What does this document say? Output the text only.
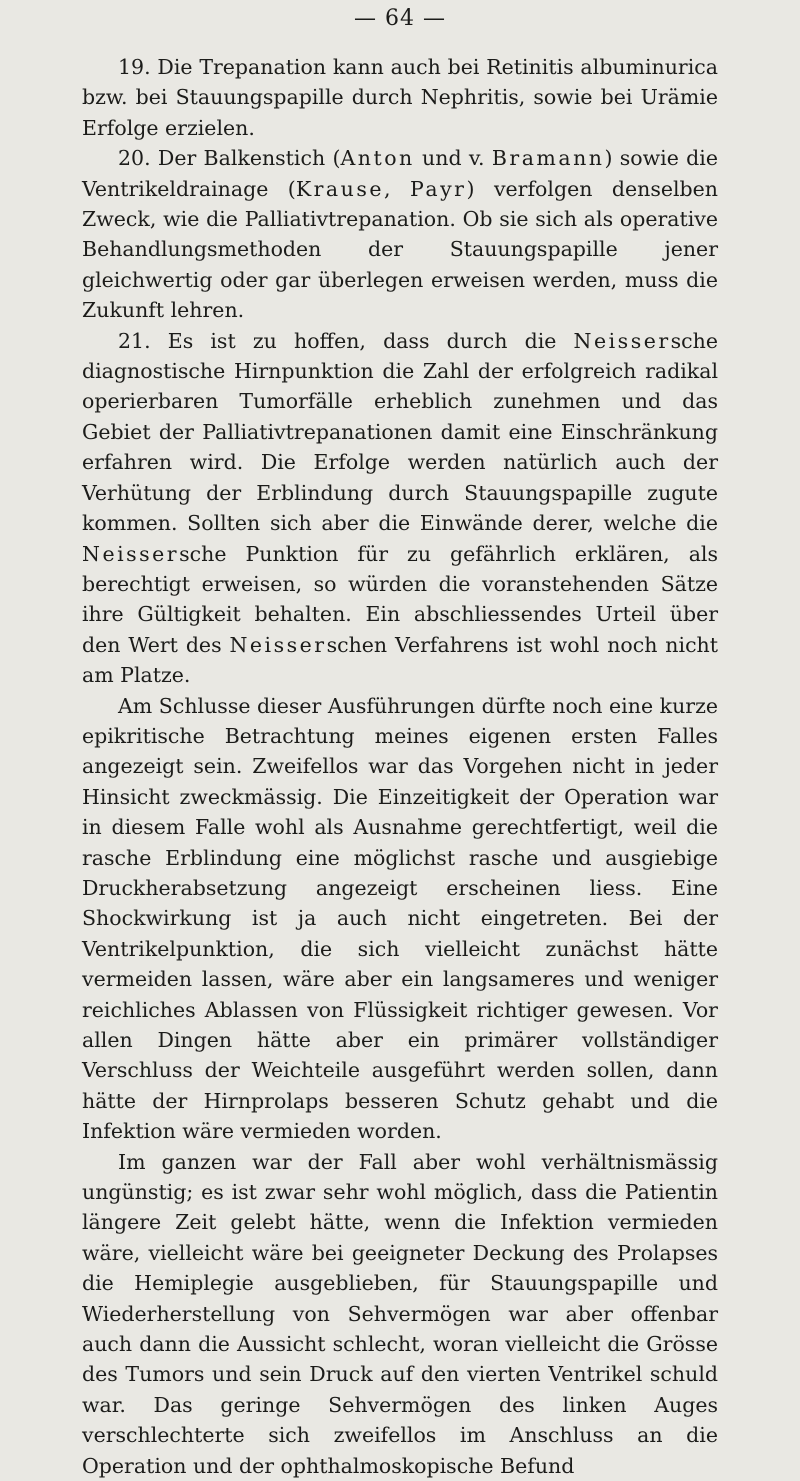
— 64 —

19. Die Trepanation kann auch bei Retinitis albuminurica bzw. bei Stauungspapille durch Nephritis, sowie bei Urämie Erfolge erzielen.

20. Der Balkenstich (Anton und v. Bramann) sowie die Ventrikeldrainage (Krause, Payr) verfolgen denselben Zweck, wie die Palliativtrepanation. Ob sie sich als operative Behandlungsmethoden der Stauungspapille jener gleichwertig oder gar überlegen erweisen werden, muss die Zukunft lehren.

21. Es ist zu hoffen, dass durch die Neissersche diagnostische Hirnpunktion die Zahl der erfolgreich radikal operierbaren Tumorfälle erheblich zunehmen und das Gebiet der Palliativtrepanationen damit eine Einschränkung erfahren wird. Die Erfolge werden natürlich auch der Verhütung der Erblindung durch Stauungspapille zugute kommen. Sollten sich aber die Einwände derer, welche die Neissersche Punktion für zu gefährlich erklären, als berechtigt erweisen, so würden die voranstehenden Sätze ihre Gültigkeit behalten. Ein abschliessendes Urteil über den Wert des Neisserschen Verfahrens ist wohl noch nicht am Platze.

Am Schlusse dieser Ausführungen dürfte noch eine kurze epikritische Betrachtung meines eigenen ersten Falles angezeigt sein. Zweifellos war das Vorgehen nicht in jeder Hinsicht zweckmässig. Die Einzeitigkeit der Operation war in diesem Falle wohl als Ausnahme gerechtfertigt, weil die rasche Erblindung eine möglichst rasche und ausgiebige Druckherabsetzung angezeigt erscheinen liess. Eine Shockwirkung ist ja auch nicht eingetreten. Bei der Ventrikelpunktion, die sich vielleicht zunächst hätte vermeiden lassen, wäre aber ein langsameres und weniger reichliches Ablassen von Flüssigkeit richtiger gewesen. Vor allen Dingen hätte aber ein primärer vollständiger Verschluss der Weichteile ausgeführt werden sollen, dann hätte der Hirnprolaps besseren Schutz gehabt und die Infektion wäre vermieden worden.

Im ganzen war der Fall aber wohl verhältnismässig ungünstig; es ist zwar sehr wohl möglich, dass die Patientin längere Zeit gelebt hätte, wenn die Infektion vermieden wäre, vielleicht wäre bei geeigneter Deckung des Prolapses die Hemiplegie ausgeblieben, für Stauungspapille und Wiederherstellung von Sehvermögen war aber offenbar auch dann die Aussicht schlecht, woran vielleicht die Grösse des Tumors und sein Druck auf den vierten Ventrikel schuld war. Das geringe Sehvermögen des linken Auges verschlechterte sich zweifellos im Anschluss an die Operation und der ophthalmoskopische Befund
